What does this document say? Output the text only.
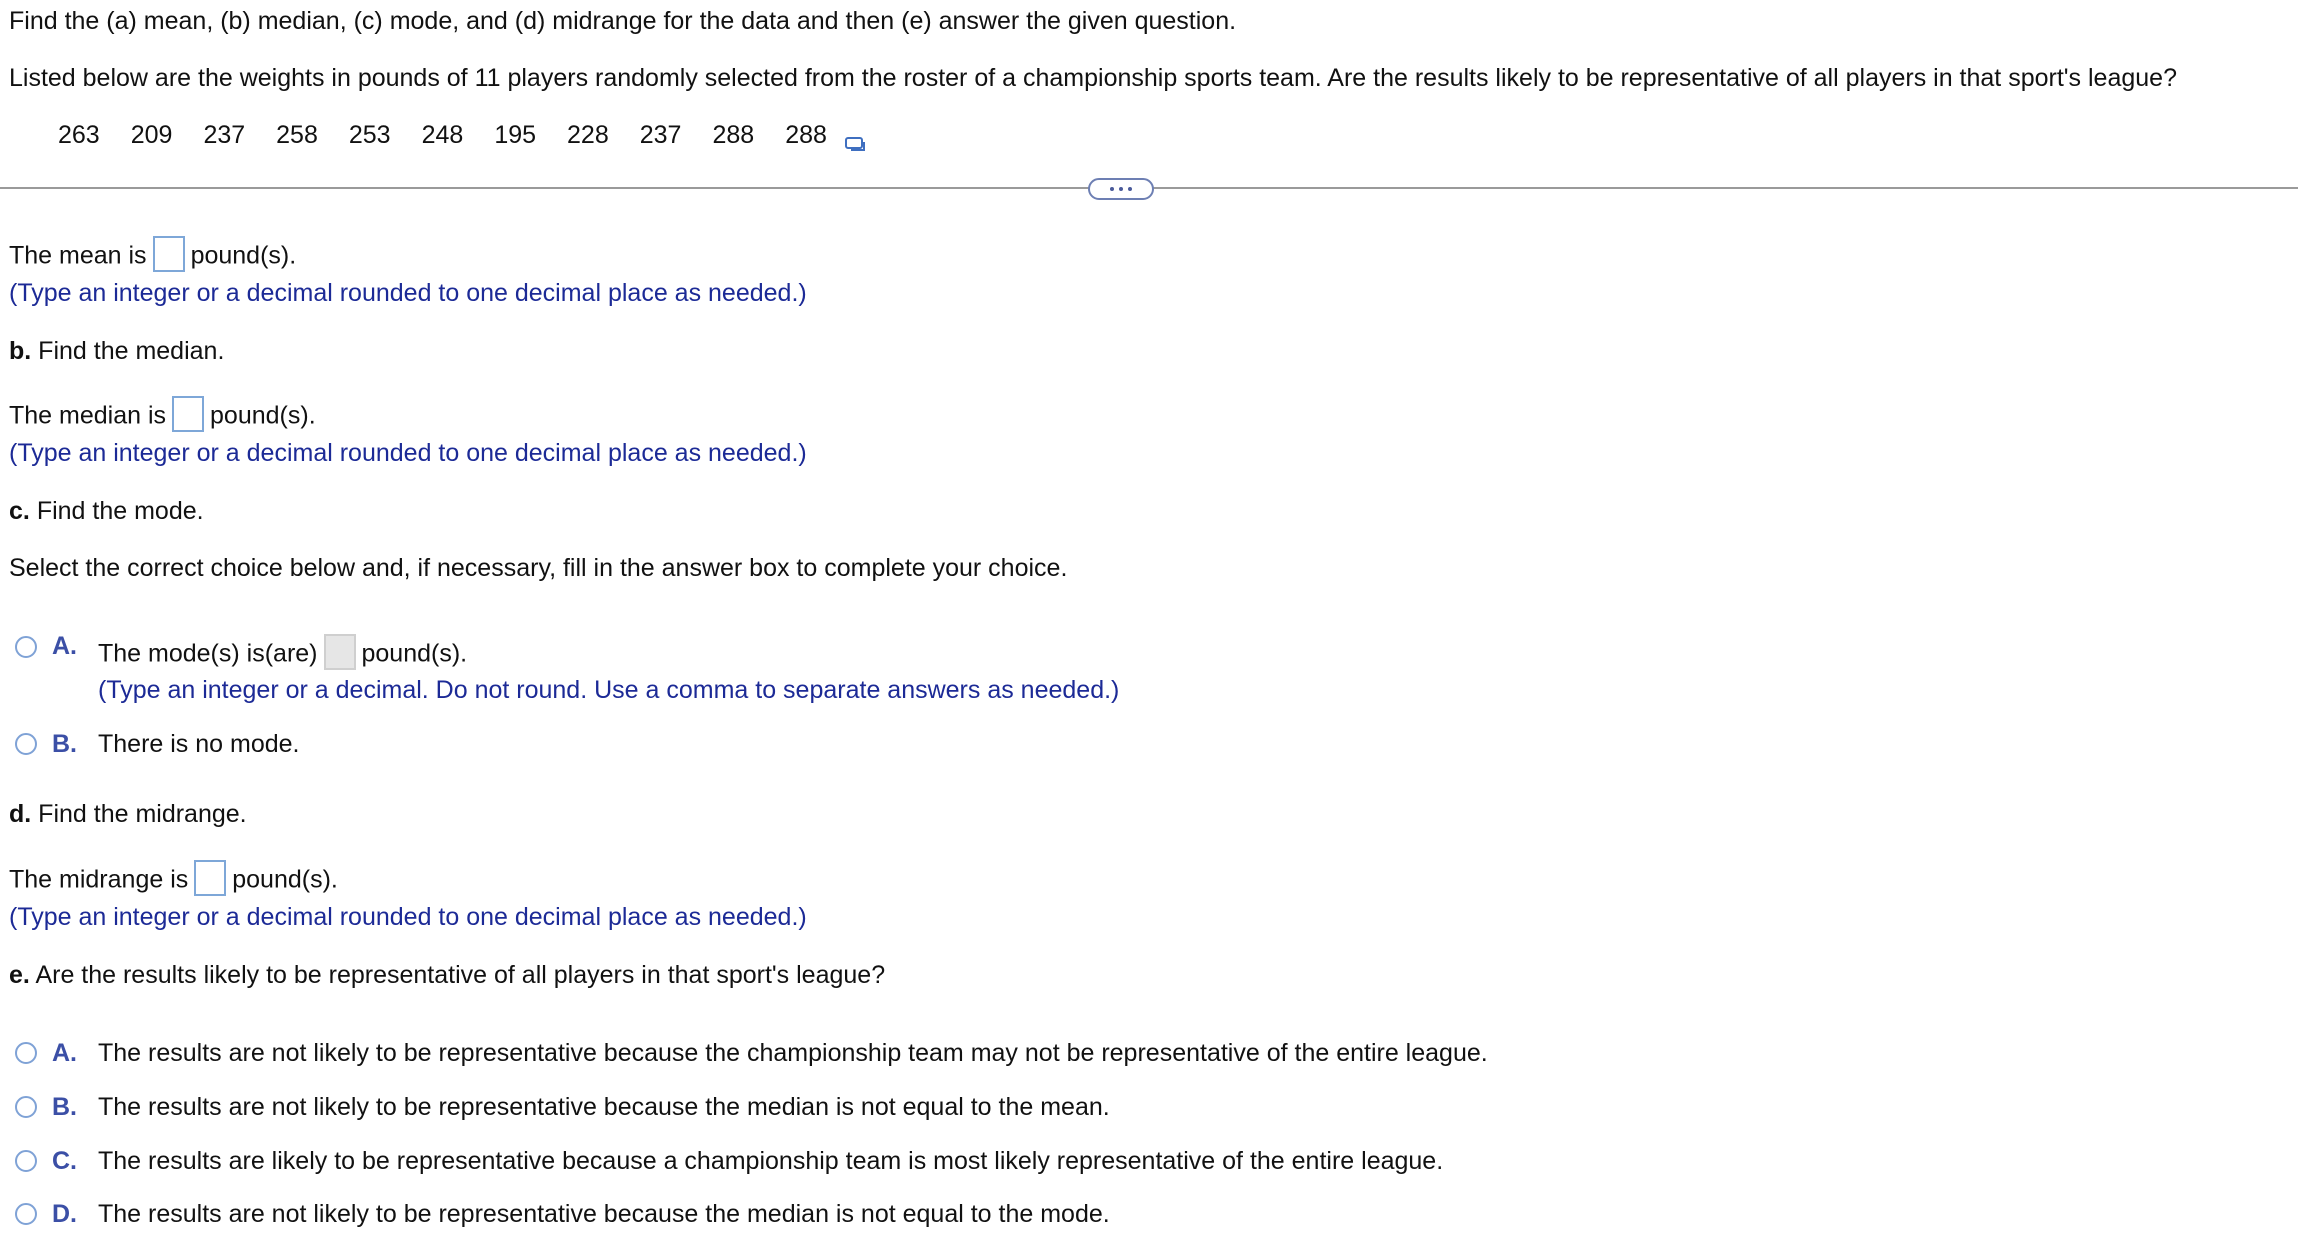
Find the (a) mean, (b) median, (c) mode, and (d) midrange for the data and then (e) answer the given question.
Listed below are the weights in pounds of 11 players randomly selected from the roster of a championship sports team. Are the results likely to be representative of all players in that sport's league?
263 209 237 258 253 248 195 228 237 288 288
The mean is pound(s).
(Type an integer or a decimal rounded to one decimal place as needed.)
b. Find the median.
The median is pound(s).
(Type an integer or a decimal rounded to one decimal place as needed.)
c. Find the mode.
Select the correct choice below and, if necessary, fill in the answer box to complete your choice.
A. The mode(s) is(are) pound(s).
(Type an integer or a decimal. Do not round. Use a comma to separate answers as needed.)
B. There is no mode.
d. Find the midrange.
The midrange is pound(s).
(Type an integer or a decimal rounded to one decimal place as needed.)
e. Are the results likely to be representative of all players in that sport's league?
A. The results are not likely to be representative because the championship team may not be representative of the entire league.
B. The results are not likely to be representative because the median is not equal to the mean.
C. The results are likely to be representative because a championship team is most likely representative of the entire league.
D. The results are not likely to be representative because the median is not equal to the mode.
